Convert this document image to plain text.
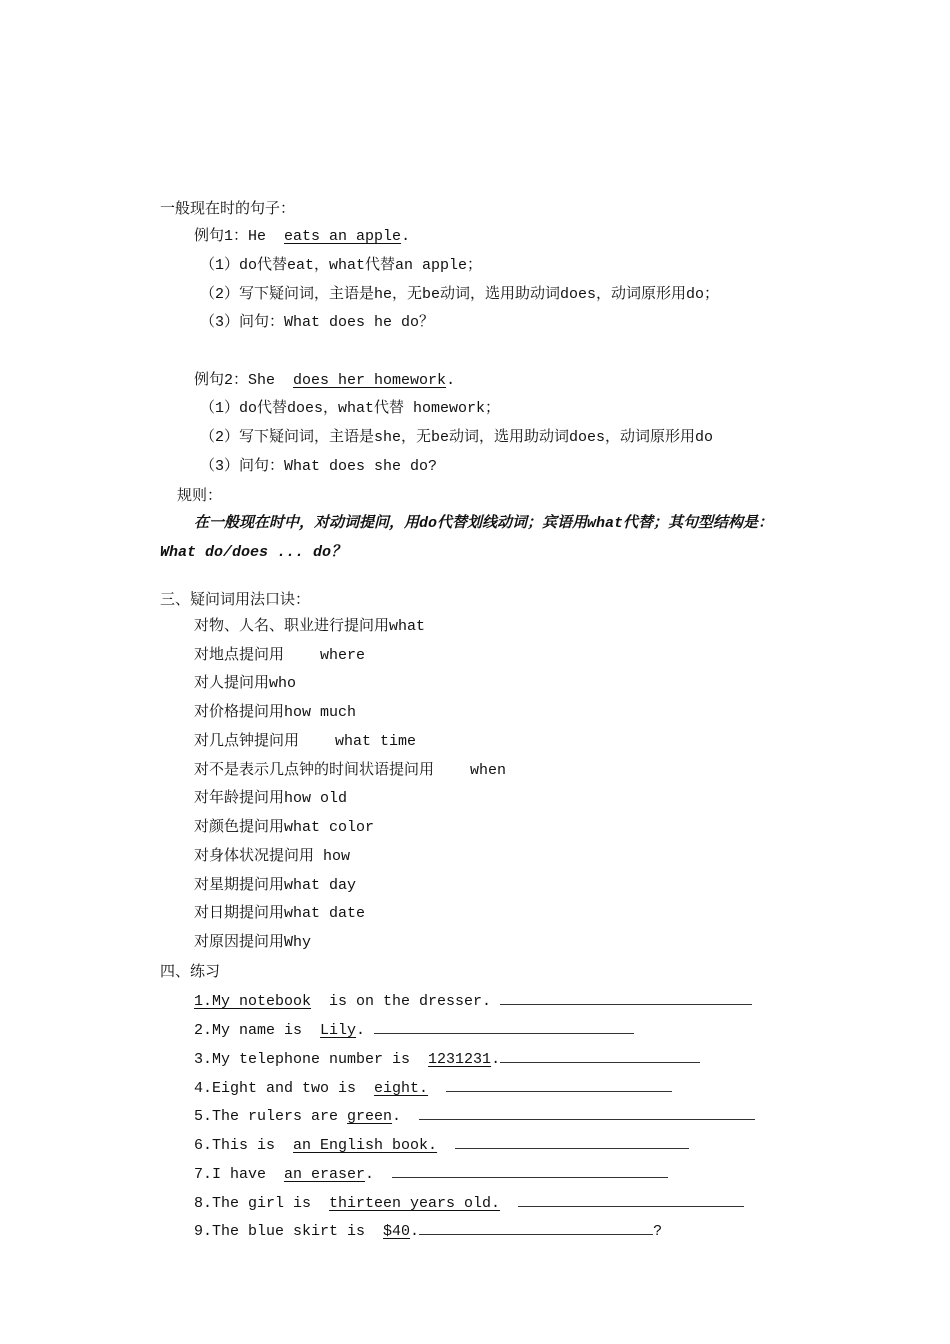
一般现在时的句子：
例句1：He  eats an apple.
（1）do代替eat，what代替an apple；
（2）写下疑问词，主语是he，无be动词，选用助动词does，动词原形用do；
（3）问句：What does he do？
例句2：She  does her homework.
（1）do代替does，what代替 homework；
（2）写下疑问词，主语是she，无be动词，选用助动词does，动词原形用do
（3）问句：What does she do?
规则：
在一般现在时中，对动词提问，用do代替划线动词；宾语用what代替；其句型结构是：
What do/does ... do？
三、疑问词用法口诀：
对物、人名、职业进行提问用what
对地点提问用    where
对人提问用who
对价格提问用how much
对几点钟提问用    what time
对不是表示几点钟的时间状语提问用    when
对年龄提问用how old
对颜色提问用what color
对身体状况提问用 how
对星期提问用what day
对日期提问用what date
对原因提问用Why
四、练习
1.My notebook  is on the dresser.
2.My name is  Lily.
3.My telephone number is  1231231.
4.Eight and two is  eight.
5.The rulers are green.
6.This is  an English book.
7.I have  an eraser.
8.The girl is  thirteen years old.
9.The blue skirt is  $40.	?
